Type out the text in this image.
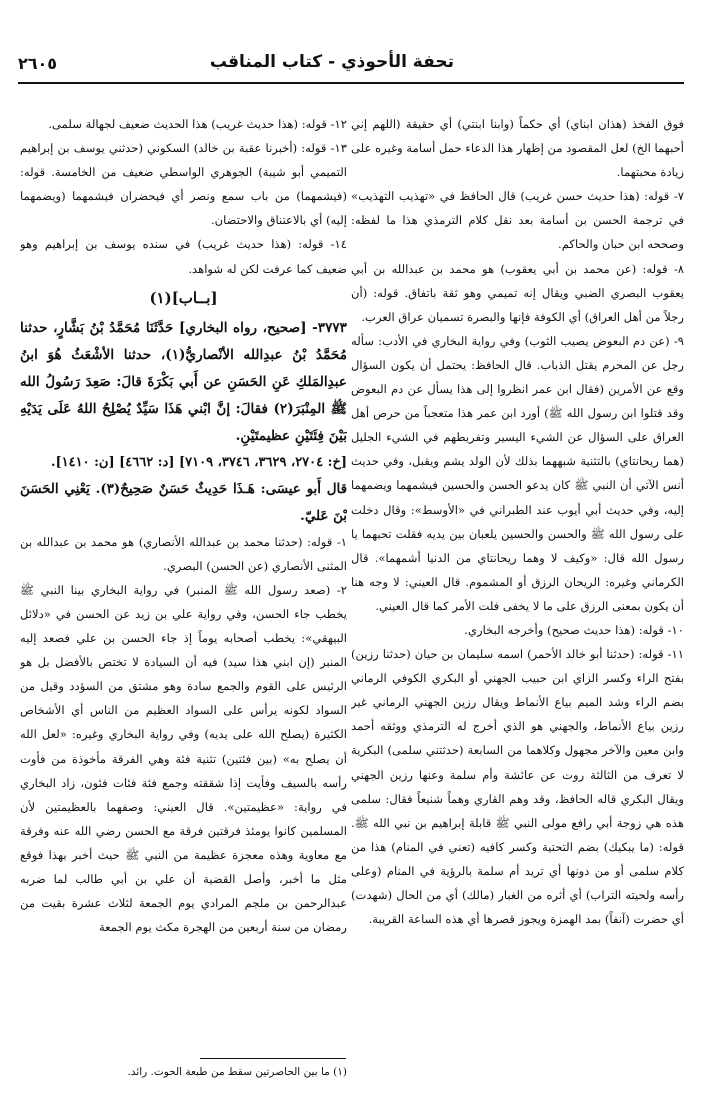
تحفة الأحوذي - كتاب المناقب
٢٦٠٥

فوق الفخذ (هذان ابناي) أي حكماً (وابنا ابنتي) أي حقيقة (اللهم إني أحبهما الخ) لعل المقصود من إظهار هذا الدعاء حمل أسامة وغيره على زيادة محبتهما.

٧- قوله: (هذا حديث حسن غريب) قال الحافظ في «تهذيب التهذيب» في ترجمة الحسن بن أسامة بعد نقل كلام الترمذي هذا ما لفظه: وصححه ابن حبان والحاكم.

٨- قوله: (عن محمد بن أبي يعقوب) هو محمد بن عبدالله بن أبي يعقوب البصري الضبي ويقال إنه تميمي وهو ثقة باتفاق. قوله: (أن رجلاً من أهل العراق) أي الكوفة فإنها والبصرة تسميان عراق العرب.

٩- (عن دم البعوض يصيب الثوب) وفي رواية البخاري في الأدب: سأله رجل عن المحرم يقتل الذباب. قال الحافظ: يحتمل أن يكون السؤال وقع عن الأمرين (فقال ابن عمر انظروا إلى هذا يسأل عن دم البعوض وقد قتلوا ابن رسول الله ﷺ) أورد ابن عمر هذا متعجباً من حرص أهل العراق على السؤال عن الشيء اليسير وتفريطهم في الشيء الجليل (هما ريحانتاي) بالتثنية شبههما بذلك لأن الولد يشم ويقبل، وفي حديث أنس الآتي أن النبي ﷺ كان يدعو الحسن والحسين فيشمهما ويضمهما إليه، وفي حديث أبي أيوب عند الطبراني في «الأوسط»: وقال دخلت على رسول الله ﷺ والحسن والحسين يلعبان بين يديه فقلت تحبهما يا رسول الله قال: «وكيف لا وهما ريحانتاي من الدنيا أشمهما». قال الكرماني وغيره: الريحان الرزق أو المشموم. قال العيني: لا وجه هنا أن يكون بمعنى الرزق على ما لا يخفى فلت الأمر كما قال العيني.

١٠- قوله: (هذا حديث صحيح) وأخرجه البخاري.

١١- قوله: (حدثنا أبو خالد الأحمر) اسمه سليمان بن حيان (حدثنا رزين) بفتح الراء وكسر الزاي ابن حبيب الجهني أو البكري الكوفي الرماني بضم الراء وشد الميم بياع الأنماط ويقال رزين الجهني الرماني غير رزين بياع الأنماط، والجهني هو الذي أخرج له الترمذي ووثقه أحمد وابن معين والآخر مجهول وكلاهما من السابعة (حدثتني سلمى) البكرية لا تعرف من الثالثة روت عن عائشة وأم سلمة وعنها رزين الجهني ويقال البكري قاله الحافظ، وقد وهم القاري وهماً شنيعاً فقال: سلمى هذه هي زوجة أبي رافع مولى النبي ﷺ قابلة إبراهيم بن نبي الله ﷺ. قوله: (ما يبكيك) بضم التحتية وكسر كافيه (تعني في المنام) هذا من كلام سلمى أو من دونها أي تريد أم سلمة بالرؤية في المنام (وعلى رأسه ولحيته التراب) أي أثره من الغبار (مالك) أي من الحال (شهدت) أي حضرت (آنفاً) بمد الهمزة ويجوز قصرها أي هذه الساعة القريبة.

١٢- قوله: (هذا حديث غريب) هذا الحديث ضعيف لجهالة سلمى.

١٣- قوله: (أخبرنا عقبة بن خالد) السكوني (حدثني يوسف بن إبراهيم التميمي أبو شيبة) الجوهري الواسطي ضعيف من الخامسة. قوله: (فيشمهما) من باب سمع ونصر أي فيحضران فيشمهما (ويضمهما إليه) أي بالاعتناق والاحتضان.

١٤- قوله: (هذا حديث غريب) في سنده يوسف بن إبراهيم وهو ضعيف كما عرفت لكن له شواهد.

[بــاب](١)

٣٧٧٣- [صحيح، رواه البخاري] حَدَّثَنَا مُحَمَّدُ بْنُ بَشَّارٍ، حدثنا مُحَمَّدُ بْنُ عبدِالله الأنْصاريُّ(١)، حدثنا الأشْعَثُ هُوَ ابنُ عبدِالمَلكِ عَنِ الحَسَنِ عن أَبي بَكْرَةَ قالَ: صَعِدَ رَسُولُ الله ﷺ المِنْبَرَ(٢) فقالَ: إنَّ ابْني هَذَا سَيِّدٌ يُصْلِحُ اللهُ عَلَى يَدَيْهِ بَيْنَ فِئَتَيْنِ عظيمتَيْنِ.

[خ: ٢٧٠٤، ٣٦٢٩، ٣٧٤٦، ٧١٠٩] [د: ٤٦٦٢] [ن: ١٤١٠].

قال أَبو عيسَى: هَـذَا حَدِيثٌ حَسَنٌ صَحِيحٌ(٣). يَعْنِي الحَسَنَ بْنَ عَليّ.

١- قوله: (حدثنا محمد بن عبدالله الأنصاري) هو محمد بن عبدالله بن المثنى الأنصاري (عن الحسن) البصري.

٢- (صعد رسول الله ﷺ المنبر) في رواية البخاري بينا النبي ﷺ يخطب جاء الحسن، وفي رواية علي بن زيد عن الحسن في «دلائل البيهقي»: يخطب أصحابه يوماً إذ جاء الحسن بن علي فصعد إليه المنبر (إن ابني هذا سيد) فيه أن السيادة لا تختص بالأفضل بل هو الرئيس على القوم والجمع سادة وهو مشتق من السؤدد وقيل من السواد لكونه يرأس على السواد العظيم من الناس أي الأشخاص الكثيرة (يصلح الله على يديه) وفي رواية البخاري وغيره: «لعل الله أن يصلح به» (بين فئتين) تثنية فئة وهي الفرقة مأخوذة من فأوت رأسه بالسيف وفأيت إذا شققته وجمع فئة فئات فئون، زاد البخاري في رواية: «عظيمتين». قال العيني: وصفهما بالعظيمتين لأن المسلمين كانوا يومئذ فرقتين فرقة مع الحسن رضي الله عنه وفرقة مع معاوية وهذه معجزة عظيمة من النبي ﷺ حيث أخبر بهذا فوقع مثل ما أخبر، وأصل القضية أن علي بن أبي طالب لما ضربه عبدالرحمن بن ملجم المرادي يوم الجمعة لثلاث عشرة بقيت من رمضان من سنة أربعين من الهجرة مكث يوم الجمعة

(١) ما بين الحاصرتين سقط من طبعة الحوت. رائد.
